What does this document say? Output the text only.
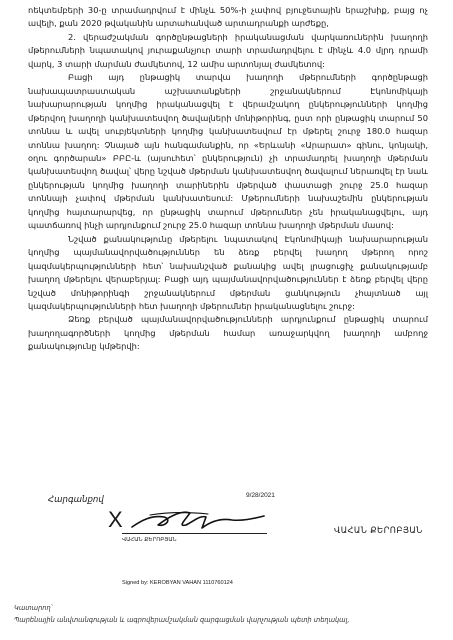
ոեկտեմբերի 30-ը տրամադրվում է մինչև 50%-ի չափով բյուջետային երաշխիք, բայց ոչ ավելի, քան 2020 թվականին արտահանված արտադրանքի արժեքը,

2. վերաժշակման գործընթացների իրականացման վարկառուներին խաղողի մթերումների նպատակով յուրաքանչյուր տարի տրամադրվելու է մինչև 4.0 մլրդ դրամի վարկ, 3 տարի մարման ժամկետով, 12 ամիս արտոնյալ ժամկետով:

Բացի այդ ընթացիկ տարվա խաղողի մթերումների գործընթացի նախապատրաստական աշխատանքների շրջանակներում Էկոնոմիկայի նախարարության կողմից իրականացվել է վերամշակող ընկերությունների կողմից մթերվող խաղողի կանխատեսվող ծավալների մոնիթորինգ, ըստ որի ընթացիկ տարում 50 տոննա և ավել սուբյեկտների կողմից կանխատեսվում էր մթերել շուրջ 180.0 հազար տոննա խաղող: Չնայած այն հանգամանքին, որ «Երևանի «Արարատ» գինու, կոնյակի, օղու գործարան» ԲԲԸ-և (այսուհետ՝ ընկերություն) չի տրամադրել խաղողի մթերման կանխատեսվող ծավալ՝ վերը նշված մթերման կանխատեսվող ծավալում ներառվել էր նաև ընկերության կողմից խաղողի տարիներին մթերված փաստացի շուրջ 25.0 հազար տոննայի չափով մթերման կանխատեսում: Մթերումների նախաշեմին ընկերության կողմից հայտարարվեց, որ ընթացիկ տարում մթերումներ չեն իրականացվելու, այդ պատճառով ինչի արդյունքում շուրջ 25.0 հազար տոննա խաղողի մթերման մասով:

Նշված քանակությունը մթերելու նպատակով Էկոնոմիկայի նախարարության կողմից պայմանավորվածություններ են ձեռք բերվել խաղող մթերող որոշ կազմակերպությունների հետ՝ նախանշված քանակից ավել լրացուցիչ քանակությամբ խաղող մթերելու վերաբերյալ: Բացի այդ պայմանավորվածություններ է ձեռք բերվել վերը նշված մոնիթորինգի շրջանակներում մթերման ցանկություն չհայտնած այլ կազմակերպությունների հետ խաղողի մթերումներ իրականացնելու շուրջ:

Ձեռք բերված պայմանավորվածությունների արդյունքում ընթացիկ տարում խաղողագործների կողմից մթերման համար առաջարկվող խաղողի ամբողջ քանակությունը կմթերվի:

Հարգանքով	9/28/2021
X
ՎԱՀԱՆ ՔԵՐՈԲՅԱՆ
ՎԱՀԱՆ ՔԵՐՈԲՅԱՆ
Signed by: KEROBYAN VAHAN 1110760124
Կատարող՝
Պարենային անվտանգության և ագրովերամշակման զարգացման վարչության պետի տեղակալ,
